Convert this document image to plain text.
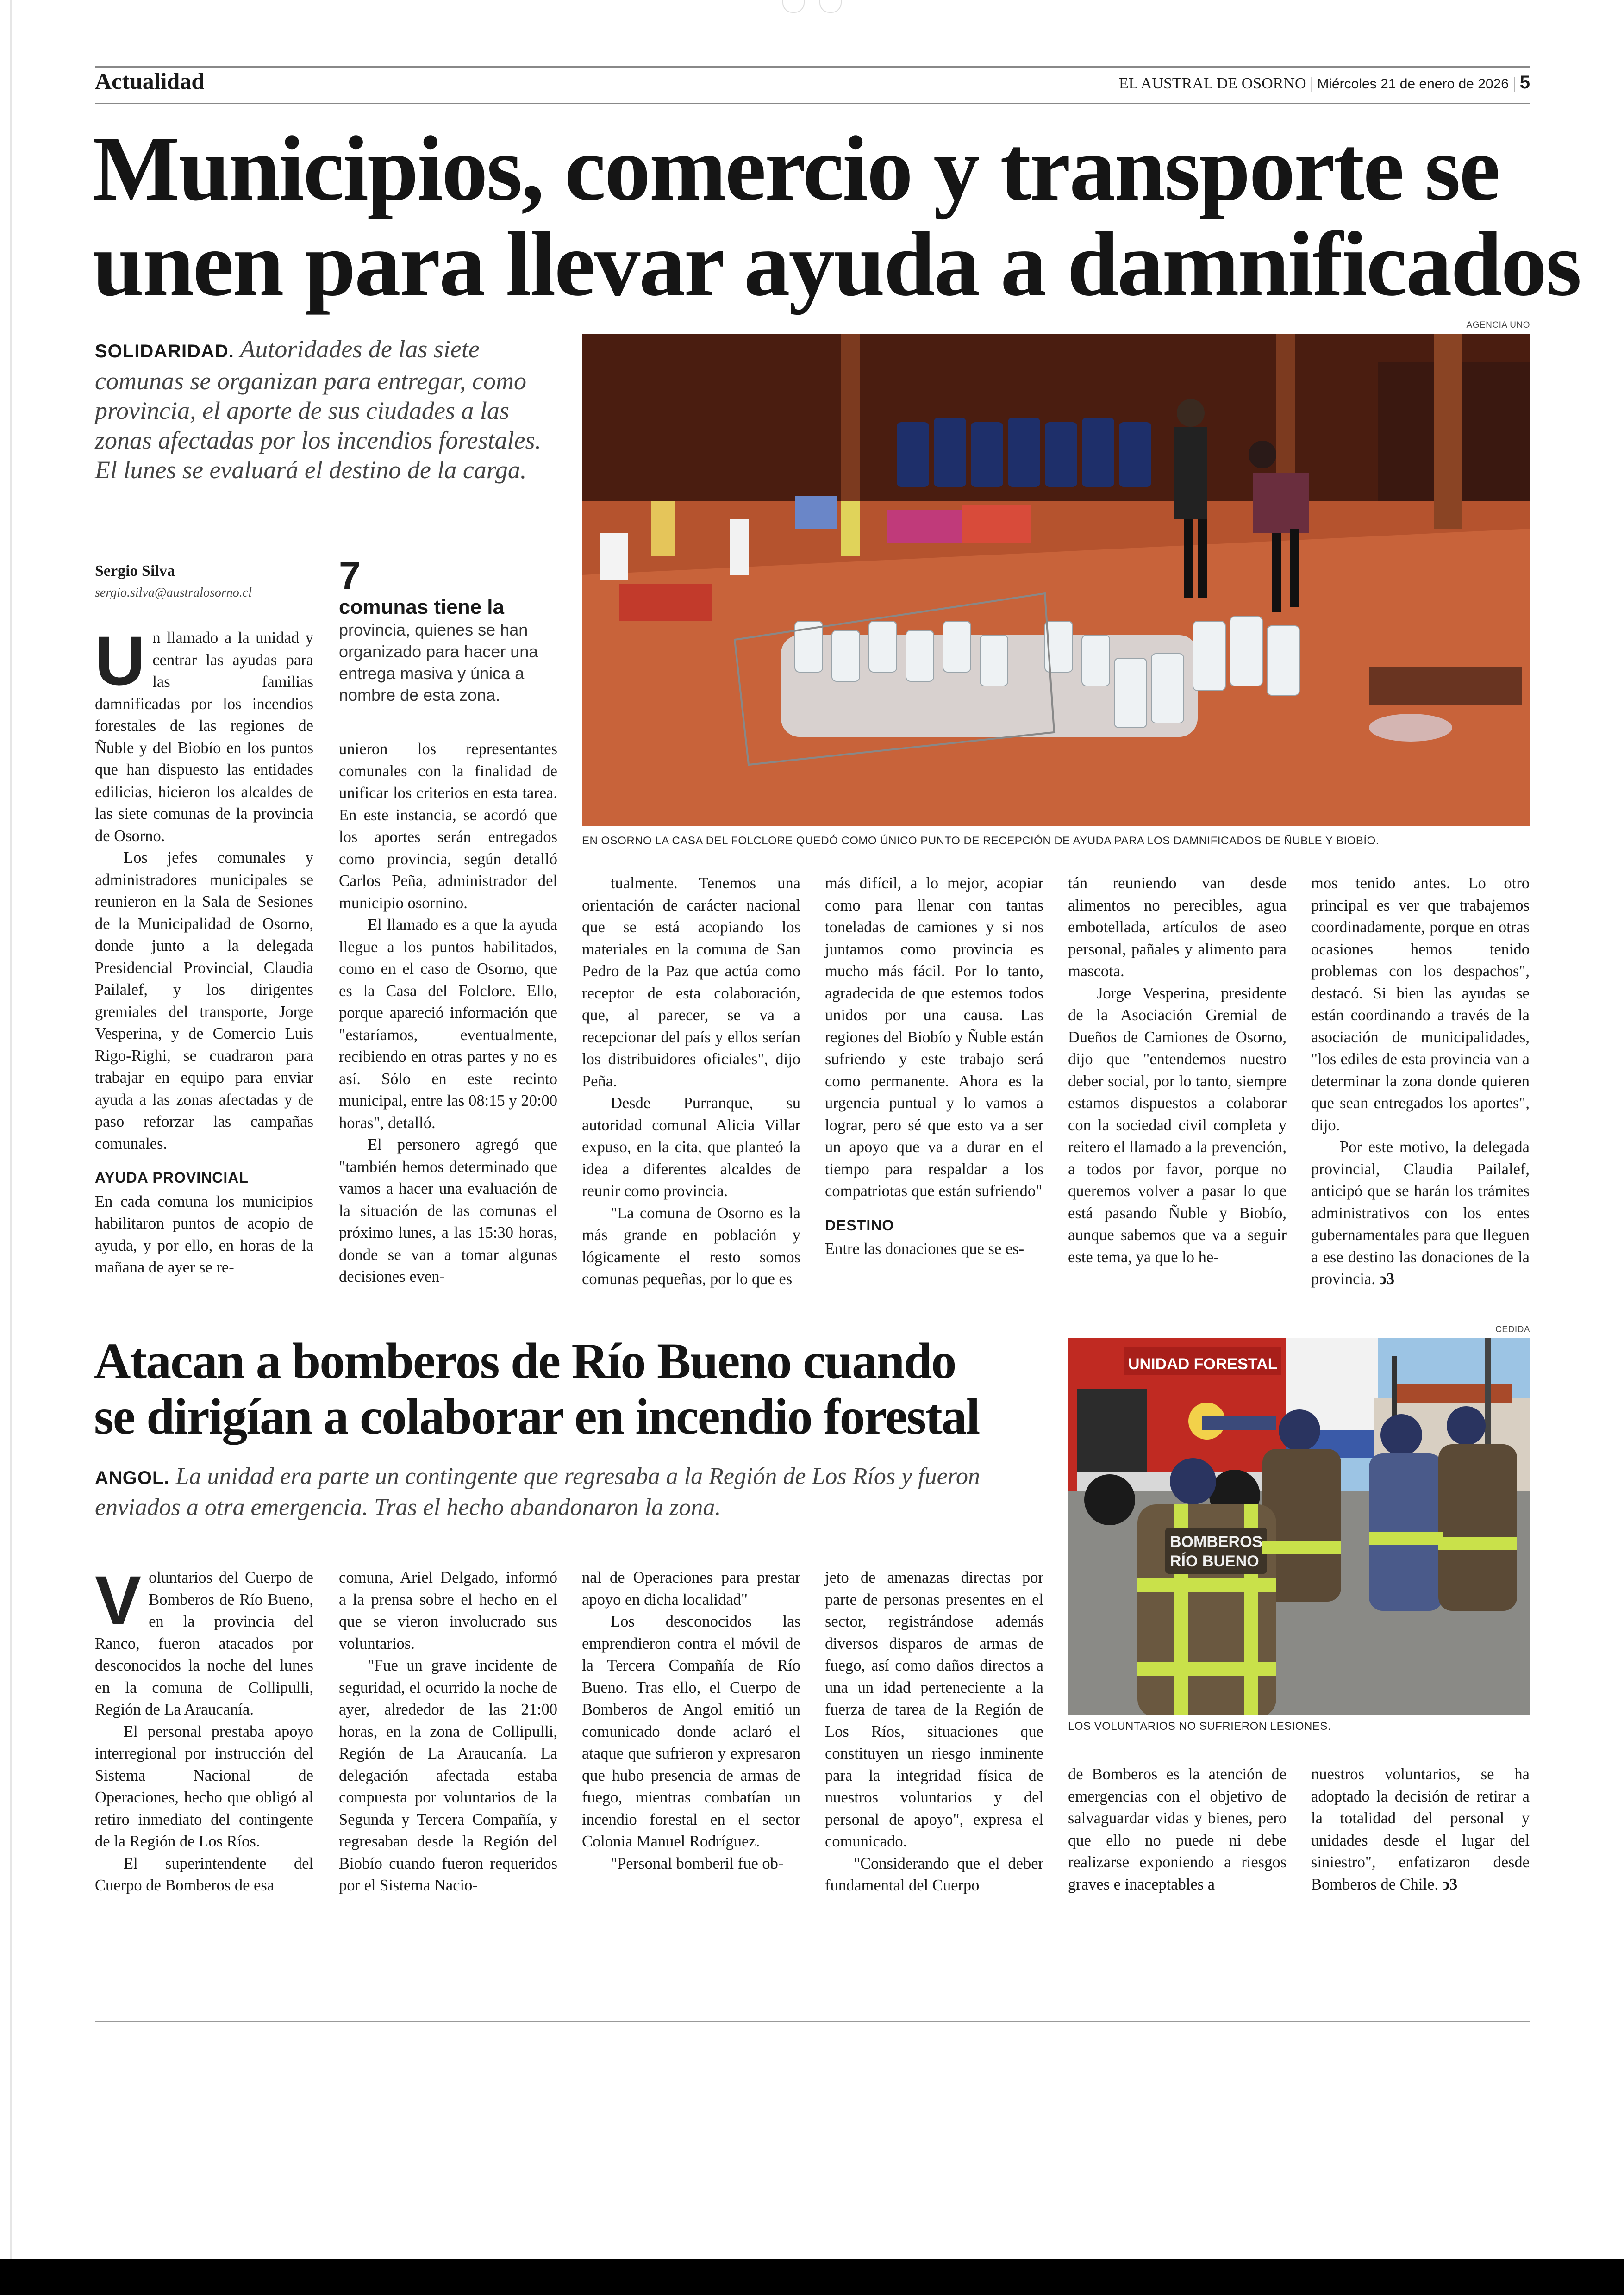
Actualidad	EL AUSTRAL DE OSORNO | Miércoles 21 de enero de 2026 | 5
Municipios, comercio y transporte se
unen para llevar ayuda a damnificados
SOLIDARIDAD. Autoridades de las siete comunas se organizan para entregar, como provincia, el aporte de sus ciudades a las zonas afectadas por los incendios forestales. El lunes se evaluará el destino de la carga.
AGENCIA UNO
EN OSORNO LA CASA DEL FOLCLORE QUEDÓ COMO ÚNICO PUNTO DE RECEPCIÓN DE AYUDA PARA LOS DAMNIFICADOS DE ÑUBLE Y BIOBÍO.
Sergio Silva
sergio.silva@australosorno.cl 7
comunas tiene la provincia, quienes se han organizado para hacer una entrega masiva y única a nombre de esta zona.

Un llamado a la unidad y centrar las ayudas para las familias damnificadas por los incendios forestales de las regiones de Ñuble y del Biobío en los puntos que han dispuesto las entidades edilicias, hicieron los alcaldes de las siete comunas de la provincia de Osorno.

Los jefes comunales y administradores municipales se reunieron en la Sala de Sesiones de la Municipalidad de Osorno, donde junto a la delegada Presidencial Provincial, Claudia Pailalef, y los dirigentes gremiales del transporte, Jorge Vesperina, y de Comercio Luis Rigo-Righi, se cuadraron para trabajar en equipo para enviar ayuda a las zonas afectadas y de paso reforzar las campañas comunales.

AYUDA PROVINCIAL

En cada comuna los municipios habilitaron puntos de acopio de ayuda, y por ello, en horas de la mañana de ayer se re-

unieron los representantes comunales con la finalidad de unificar los criterios en esta tarea. En este instancia, se acordó que los aportes serán entregados como provincia, según detalló Carlos Peña, administrador del municipio osornino.

El llamado es a que la ayuda llegue a los puntos habilitados, como en el caso de Osorno, que es la Casa del Folclore. Ello, porque apareció información que "estaríamos, eventualmente, recibiendo en otras partes y no es así. Sólo en este recinto municipal, entre las 08:15 y 20:00 horas", detalló.

El personero agregó que "también hemos determinado que vamos a hacer una evaluación de la situación de las comunas el próximo lunes, a las 15:30 horas, donde se van a tomar algunas decisiones even-

tualmente. Tenemos una orientación de carácter nacional que se está acopiando los materiales en la comuna de San Pedro de la Paz que actúa como receptor de esta colaboración, que, al parecer, se va a recepcionar del país y ellos serían los distribuidores oficiales", dijo Peña.

Desde Purranque, su autoridad comunal Alicia Villar expuso, en la cita, que planteó la idea a diferentes alcaldes de reunir como provincia.

"La comuna de Osorno es la más grande en población y lógicamente el resto somos comunas pequeñas, por lo que es

más difícil, a lo mejor, acopiar como para llenar con tantas toneladas de camiones y si nos juntamos como provincia es mucho más fácil. Por lo tanto, agradecida de que estemos todos unidos por una causa. Las regiones del Biobío y Ñuble están sufriendo y este trabajo será como permanente. Ahora es la urgencia puntual y lo vamos a lograr, pero sé que esto va a ser un apoyo que va a durar en el tiempo para respaldar a los compatriotas que están sufriendo"

DESTINO

Entre las donaciones que se es-

tán reuniendo van desde alimentos no perecibles, agua embotellada, artículos de aseo personal, pañales y alimento para mascota.

Jorge Vesperina, presidente de la Asociación Gremial de Dueños de Camiones de Osorno, dijo que "entendemos nuestro deber social, por lo tanto, siempre estamos dispuestos a colaborar con la sociedad civil completa y reitero el llamado a la prevención, a todos por favor, porque no queremos volver a pasar lo que está pasando Ñuble y Biobío, aunque sabemos que va a seguir este tema, ya que lo he-

mos tenido antes. Lo otro principal es ver que trabajemos coordinadamente, porque en otras ocasiones hemos tenido problemas con los despachos", destacó. Si bien las ayudas se están coordinando a través de la asociación de municipalidades, "los ediles de esta provincia van a determinar la zona donde quieren que sean entregados los aportes", dijo.

Por este motivo, la delegada provincial, Claudia Pailalef, anticipó que se harán los trámites administrativos con los entes gubernamentales para que lleguen a ese destino las donaciones de la provincia. ↄ3

Atacan a bomberos de Río Bueno cuando
se dirigían a colaborar en incendio forestal
ANGOL. La unidad era parte un contingente que regresaba a la Región de Los Ríos y fueron enviados a otra emergencia. Tras el hecho abandonaron la zona.
CEDIDA
UNIDAD FORESTAL
BOMBEROS
RÍO BUENO
LOS VOLUNTARIOS NO SUFRIERON LESIONES.

Voluntarios del Cuerpo de Bomberos de Río Bueno, en la provincia del Ranco, fueron atacados por desconocidos la noche del lunes en la comuna de Collipulli, Región de La Araucanía.

El personal prestaba apoyo interregional por instrucción del Sistema Nacional de Operaciones, hecho que obligó al retiro inmediato del contingente de la Región de Los Ríos.

El superintendente del Cuerpo de Bomberos de esa

comuna, Ariel Delgado, informó a la prensa sobre el hecho en el que se vieron involucrado sus voluntarios.

"Fue un grave incidente de seguridad, el ocurrido la noche de ayer, alrededor de las 21:00 horas, en la zona de Collipulli, Región de La Araucanía. La delegación afectada estaba compuesta por voluntarios de la Segunda y Tercera Compañía, y regresaban desde la Región del Biobío cuando fueron requeridos por el Sistema Nacio-

nal de Operaciones para prestar apoyo en dicha localidad"

Los desconocidos las emprendieron contra el móvil de la Tercera Compañía de Río Bueno. Tras ello, el Cuerpo de Bomberos de Angol emitió un comunicado donde aclaró el ataque que sufrieron y expresaron que hubo presencia de armas de fuego, mientras combatían un incendio forestal en el sector Colonia Manuel Rodríguez.

"Personal bomberil fue ob-

jeto de amenazas directas por parte de personas presentes en el sector, registrándose además diversos disparos de armas de fuego, así como daños directos a una un idad perteneciente a la fuerza de tarea de la Región de Los Ríos, situaciones que constituyen un riesgo inminente para la integridad física de nuestros voluntarios y del personal de apoyo", expresa el comunicado.

"Considerando que el deber fundamental del Cuerpo

de Bomberos es la atención de emergencias con el objetivo de salvaguardar vidas y bienes, pero que ello no puede ni debe realizarse exponiendo a riesgos graves e inaceptables a

nuestros voluntarios, se ha adoptado la decisión de retirar a la totalidad del personal y unidades desde el lugar del siniestro", enfatizaron desde Bomberos de Chile. ↄ3
